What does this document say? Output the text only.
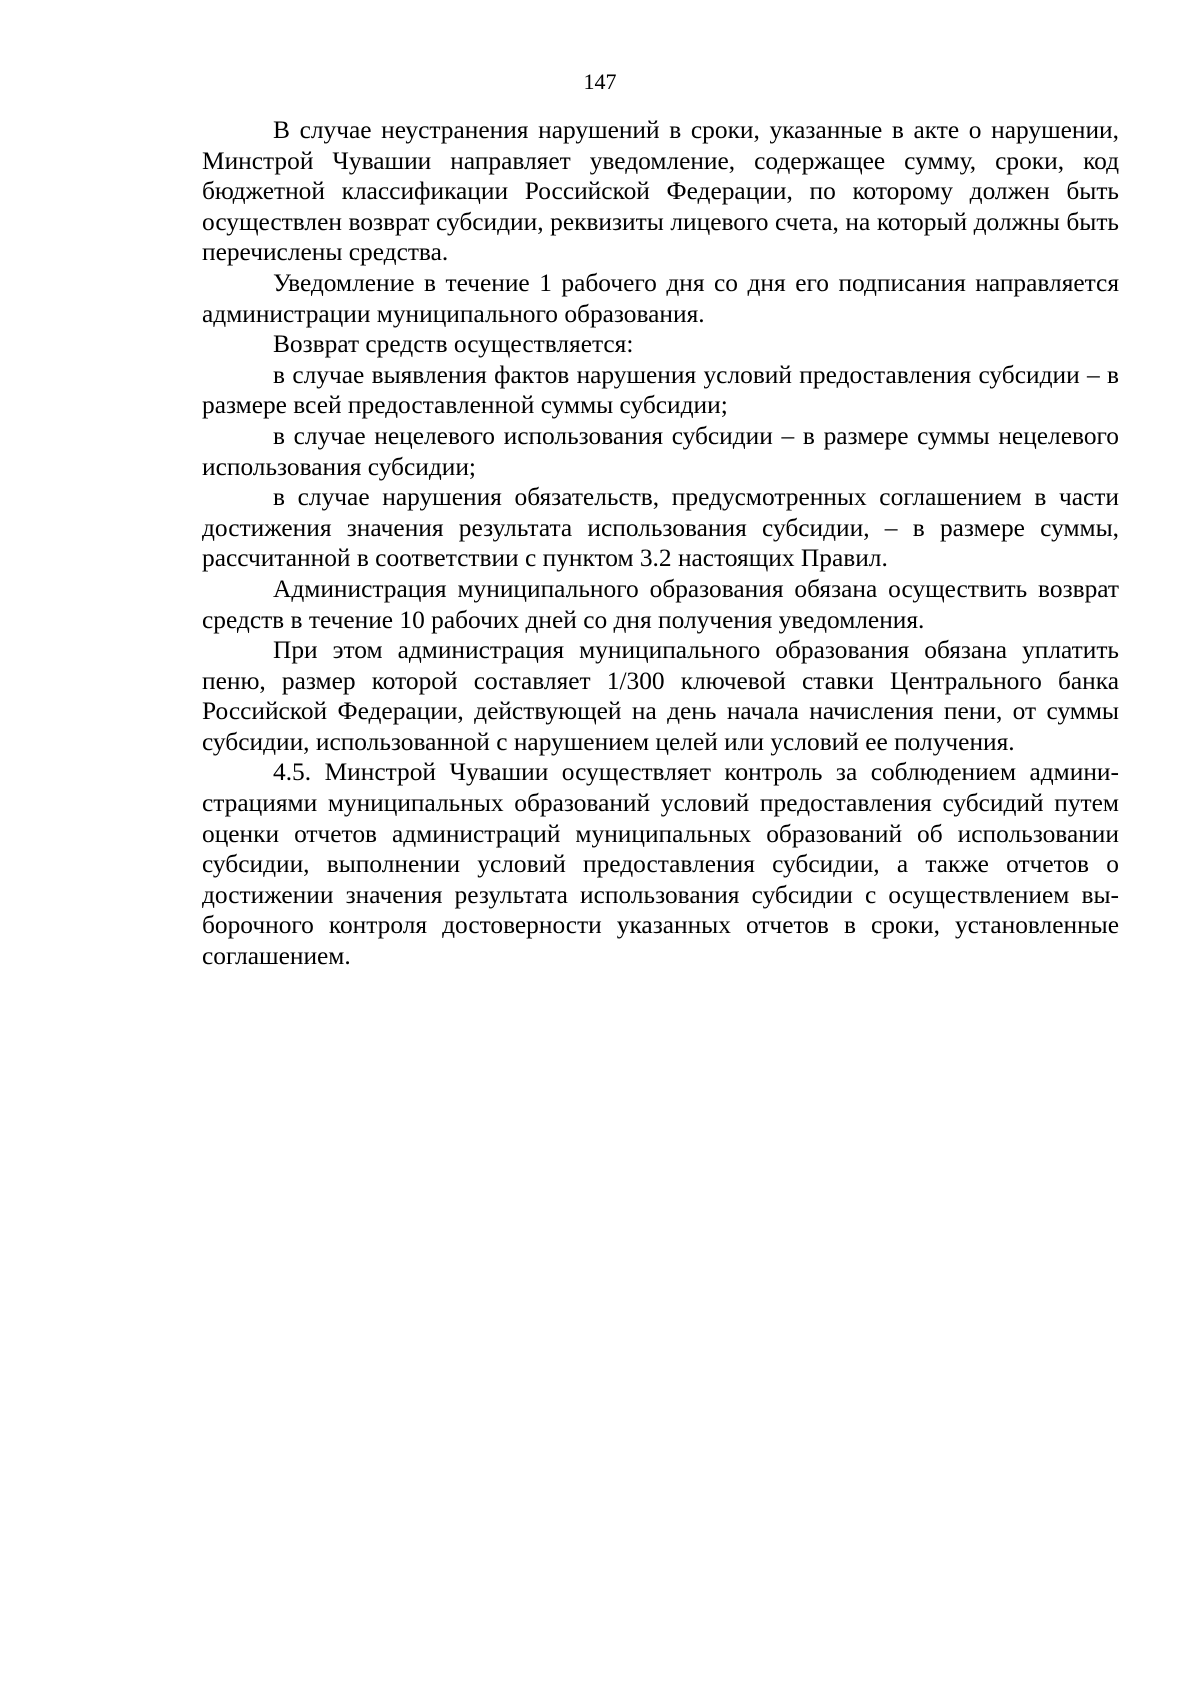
147

В случае неустранения нарушений в сроки, указанные в акте о нарушении, Минстрой Чувашии направляет уведомление, содержащее сумму, сроки, код бюджетной классификации Российской Федерации, по которому должен быть осуществлен возврат субсидии, реквизиты лицевого счета, на который должны быть перечислены средства.

Уведомление в течение 1 рабочего дня со дня его подписания направляется администрации муниципального образования.

Возврат средств осуществляется:

в случае выявления фактов нарушения условий предоставления субсидии – в размере всей предоставленной суммы субсидии;

в случае нецелевого использования субсидии – в размере суммы нецелевого использования субсидии;

в случае нарушения обязательств, предусмотренных соглашением в части достижения значения результата использования субсидии, – в размере суммы, рассчитанной в соответствии с пунктом 3.2 настоящих Правил.

Администрация муниципального образования обязана осуществить возврат средств в течение 10 рабочих дней со дня получения уведомления.

При этом администрация муниципального образования обязана уплатить пеню, размер которой составляет 1/300 ключевой ставки Центрального банка Российской Федерации, действующей на день начала начисления пени, от суммы субсидии, использованной с нарушением целей или условий ее получения.

4.5. Минстрой Чувашии осуществляет контроль за соблюдением администрациями муниципальных образований условий предоставления субсидий путем оценки отчетов администраций муниципальных образований об использовании субсидии, выполнении условий предоставления субсидии, а также отчетов о достижении значения результата использования субсидии с осуществлением выборочного контроля достоверности указанных отчетов в сроки, установленные соглашением.
